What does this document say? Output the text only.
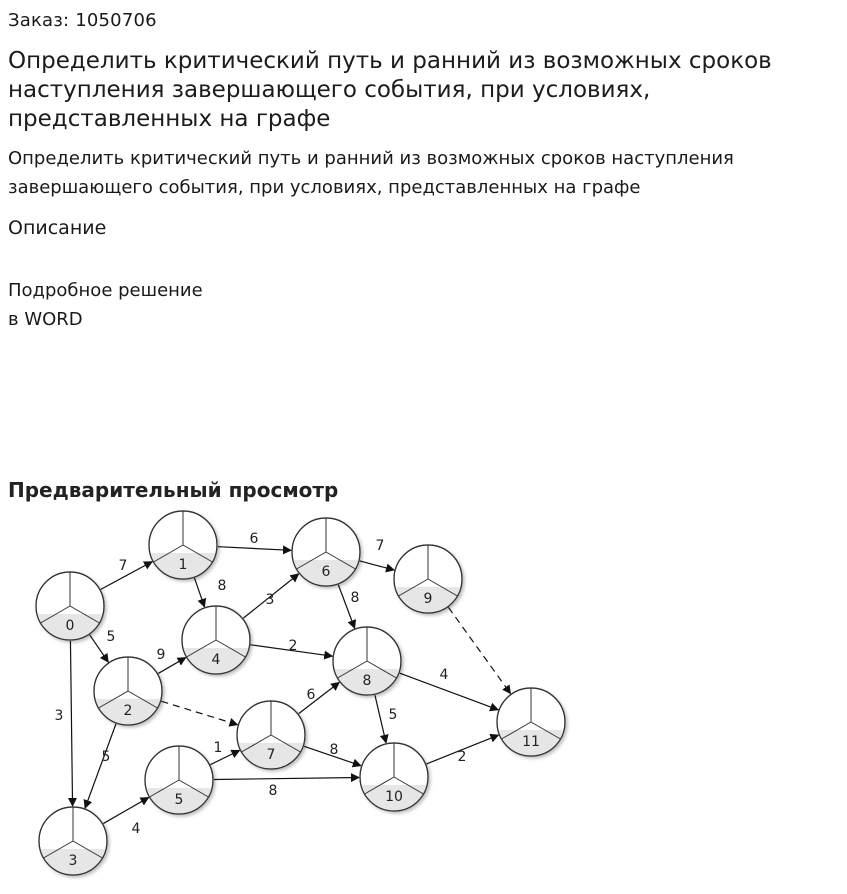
Заказ: 1050706
Определить критический путь и ранний из возможных сроков наступления завершающего события, при условиях, представленных на графе

Определить критический путь и ранний из возможных сроков наступления завершающего события, при условиях, представленных на графе

Описание

Подробное решение

в WORD

Предварительный просмотр
7
5
3
6
8
9
5
4
3
2
1
8
7
8
6
8
4
5
2
0
1
2
3
4
5
6
7
8
9
10
11
